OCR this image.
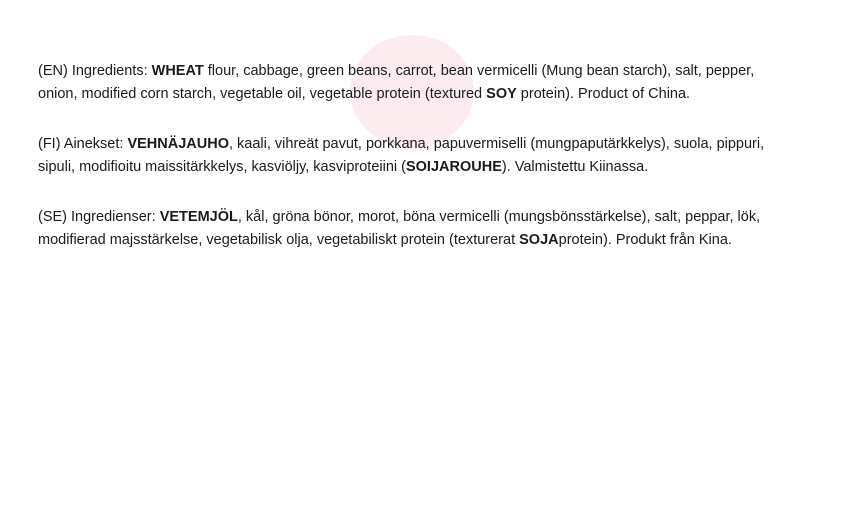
(EN) Ingredients: WHEAT flour, cabbage, green beans, carrot, bean vermicelli (Mung bean starch), salt, pepper, onion, modified corn starch, vegetable oil, vegetable protein (textured SOY protein). Product of China.

(FI) Ainekset: VEHNÄJAUHO, kaali, vihreät pavut, porkkana, papuvermiselli (mungpaputärkkelys), suola, pippuri, sipuli, modifioitu maissitärkkelys, kasviöljy, kasviproteiini (SOIJAROUHE). Valmistettu Kiinassa.

(SE) Ingredienser: VETEMJÖL, kål, gröna bönor, morot, böna vermicelli (mungsbönsstärkelse), salt, peppar, lök, modifierad majsstärkelse, vegetabilisk olja, vegetabiliskt protein (texturerat SOJAprotein). Produkt från Kina.
